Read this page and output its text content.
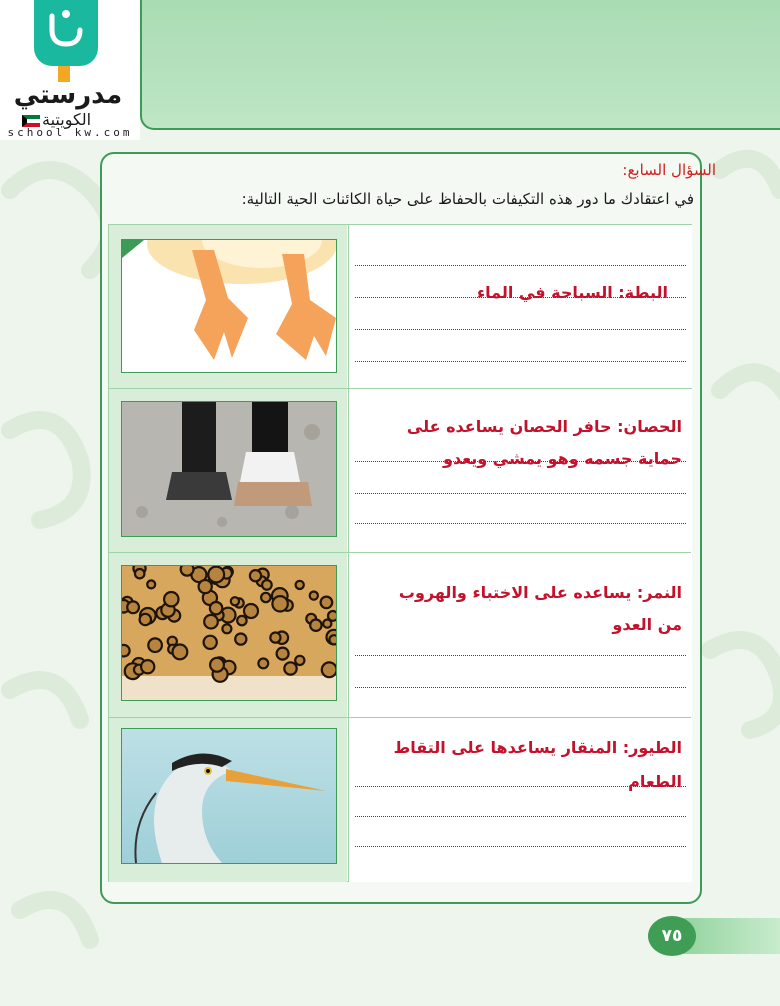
مدرستي
الكويتية
school kw.com
السؤال السابع:
في اعتقادك ما دور هذه التكيفات بالحفاظ على حياة الكائنات الحية التالية:
البطة: السباحة في الماء
الحصان: حافر الحصان يساعده على
حماية جسمه وهو يمشي ويعدو
النمر: يساعده على الاختباء والهروب
من العدو
الطيور: المنقار يساعدها على التقاط
الطعام
٧٥
